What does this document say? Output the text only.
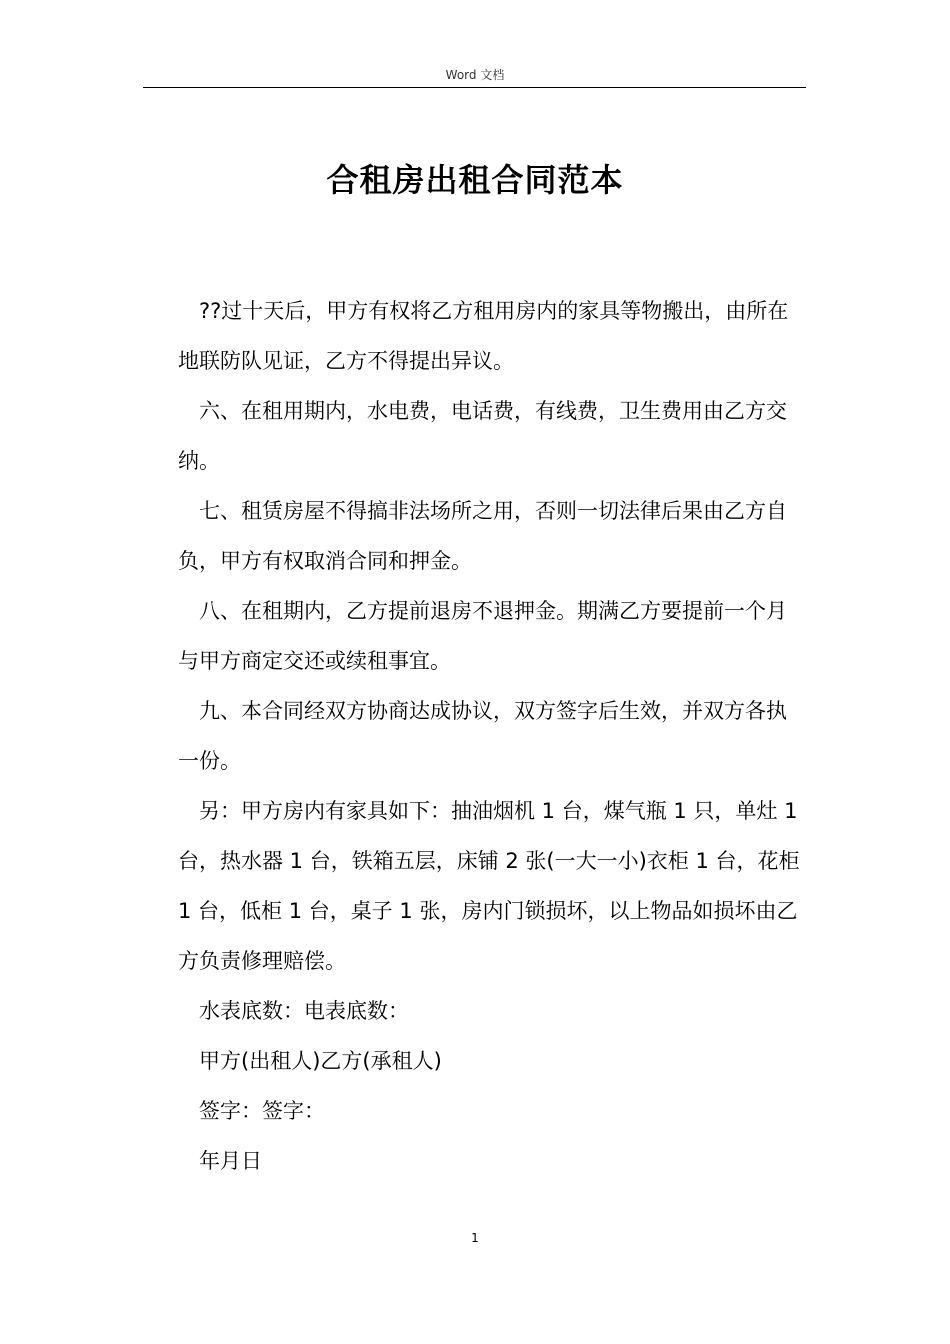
Word 文档
合租房出租合同范本

??过十天后，甲方有权将乙方租用房内的家具等物搬出，由所在地联防队见证，乙方不得提出异议。

六、在租用期内，水电费，电话费，有线费，卫生费用由乙方交纳。

七、租赁房屋不得搞非法场所之用，否则一切法律后果由乙方自负，甲方有权取消合同和押金。

八、在租期内，乙方提前退房不退押金。期满乙方要提前一个月与甲方商定交还或续租事宜。

九、本合同经双方协商达成协议，双方签字后生效，并双方各执一份。

另：甲方房内有家具如下：抽油烟机 1 台，煤气瓶 1 只，单灶 1 台，热水器 1 台，铁箱五层，床铺 2 张(一大一小)衣柜 1 台，花柜 1 台，低柜 1 台，桌子 1 张，房内门锁损坏，以上物品如损坏由乙方负责修理赔偿。

水表底数：电表底数：

甲方(出租人)乙方(承租人)

签字：签字：

年月日

1
